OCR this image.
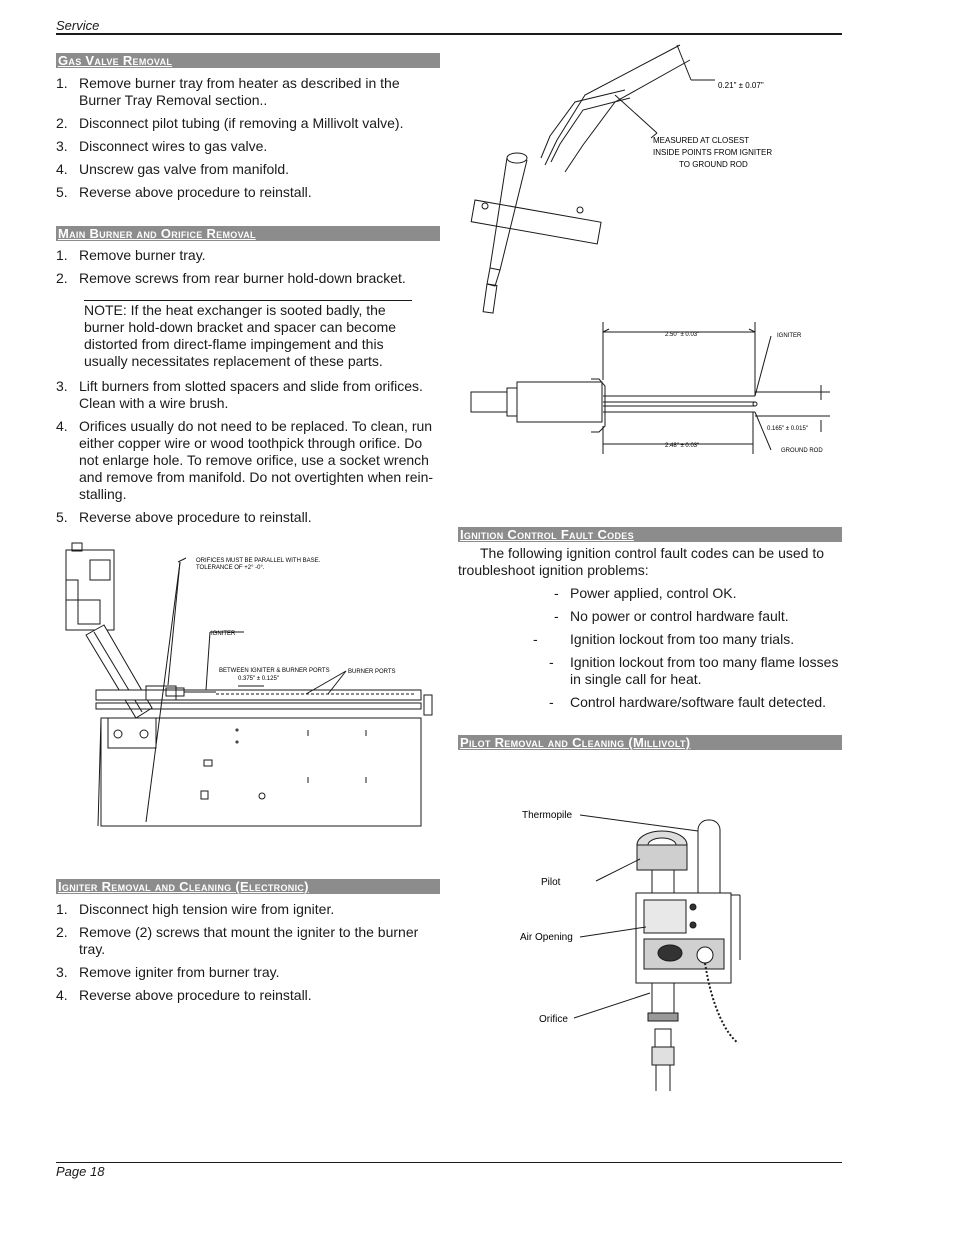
Service
Gas Valve Removal
1. Remove burner tray from heater as described in the Burner Tray Removal section..
2. Disconnect pilot tubing (if removing a Millivolt valve).
3. Disconnect wires to gas valve.
4. Unscrew gas valve from manifold.
5. Reverse above procedure to reinstall.
Main Burner and Orifice Removal
1. Remove burner tray.
2. Remove screws from rear burner hold-down bracket.
NOTE: If the heat exchanger is sooted badly, the burner hold-down bracket and spacer can become distorted from direct-flame impingement and this usually necessitates replacement of these parts.
3. Lift burners from slotted spacers and slide from orifices. Clean with a wire brush.
4. Orifices usually do not need to be replaced. To clean, run either copper wire or wood toothpick through orifice. Do not enlarge hole. To remove orifice, use a socket wrench and remove from manifold. Do not overtighten when rein-stalling.
5. Reverse above procedure to reinstall.
ORIFICES MUST BE PARALLEL WITH BASE.
TOLERANCE OF +2° -0°.
IGNITER
BETWEEN IGNITER & BURNER PORTS
0.375" ± 0.125"
BURNER PORTS
Igniter Removal and Cleaning (Electronic)
1. Disconnect high tension wire from igniter.
2. Remove (2) screws that mount the igniter to the burner tray.
3. Remove igniter from burner tray.
4. Reverse above procedure to reinstall.
0.21" ± 0.07"
MEASURED AT CLOSEST
INSIDE POINTS FROM IGNITER
TO GROUND ROD
2.50" ± 0.03"
2.48" ± 0.03"
0.165" ± 0.015"
IGNITER
GROUND ROD
Ignition Control Fault Codes
The following ignition control fault codes can be used to troubleshoot ignition problems:
- Power applied, control OK.
- No power or control hardware fault.
- Ignition lockout from too many trials.
- Ignition lockout from too many flame losses in single call for heat.
- Control hardware/software fault detected.
Pilot Removal and Cleaning (Millivolt)
Thermopile
Pilot
Air Opening
Orifice
Page 18
